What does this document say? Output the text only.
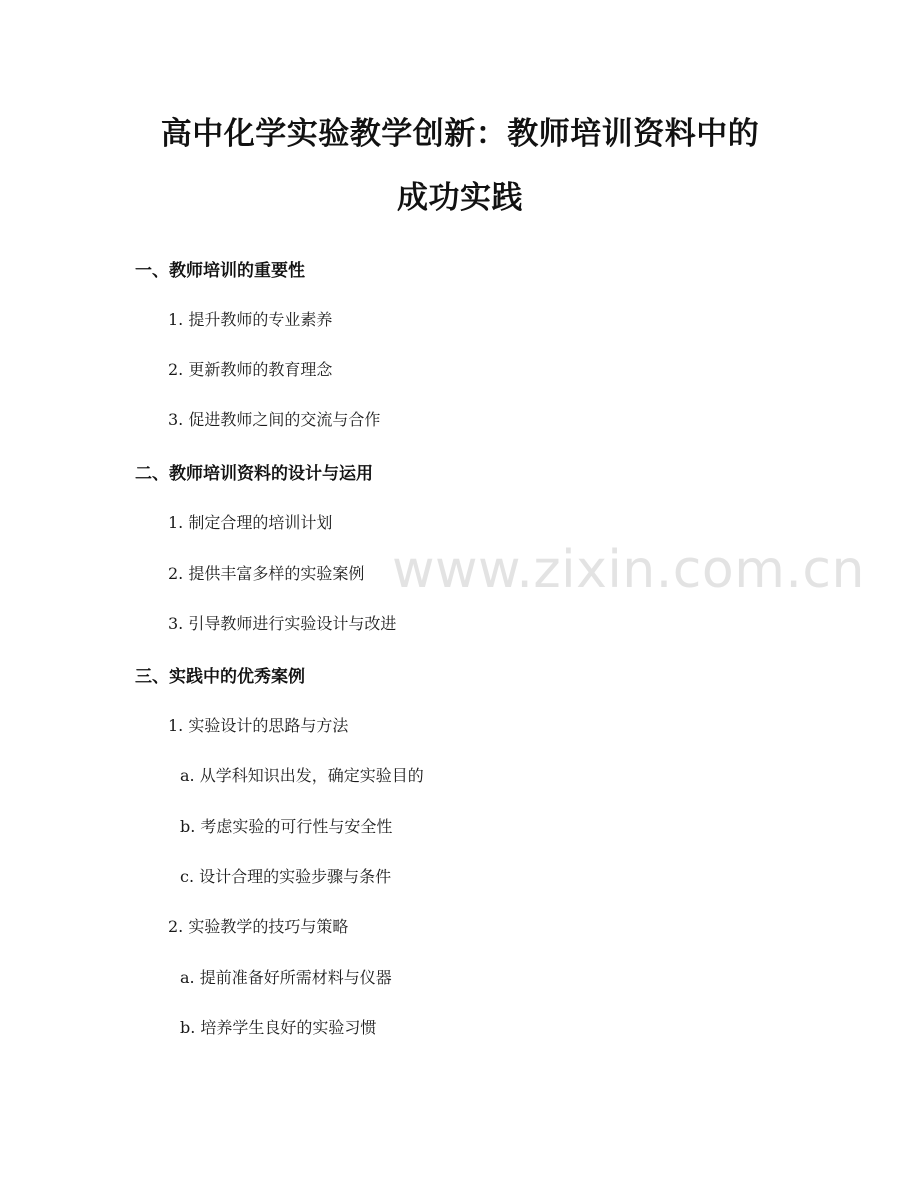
高中化学实验教学创新：教师培训资料中的
成功实践
一、教师培训的重要性
1. 提升教师的专业素养
2. 更新教师的教育理念
3. 促进教师之间的交流与合作
二、教师培训资料的设计与运用
1. 制定合理的培训计划
2. 提供丰富多样的实验案例
3. 引导教师进行实验设计与改进
三、实践中的优秀案例
1. 实验设计的思路与方法
a. 从学科知识出发，确定实验目的
b. 考虑实验的可行性与安全性
c. 设计合理的实验步骤与条件
2. 实验教学的技巧与策略
a. 提前准备好所需材料与仪器
b. 培养学生良好的实验习惯
www.zixin.com.cn
